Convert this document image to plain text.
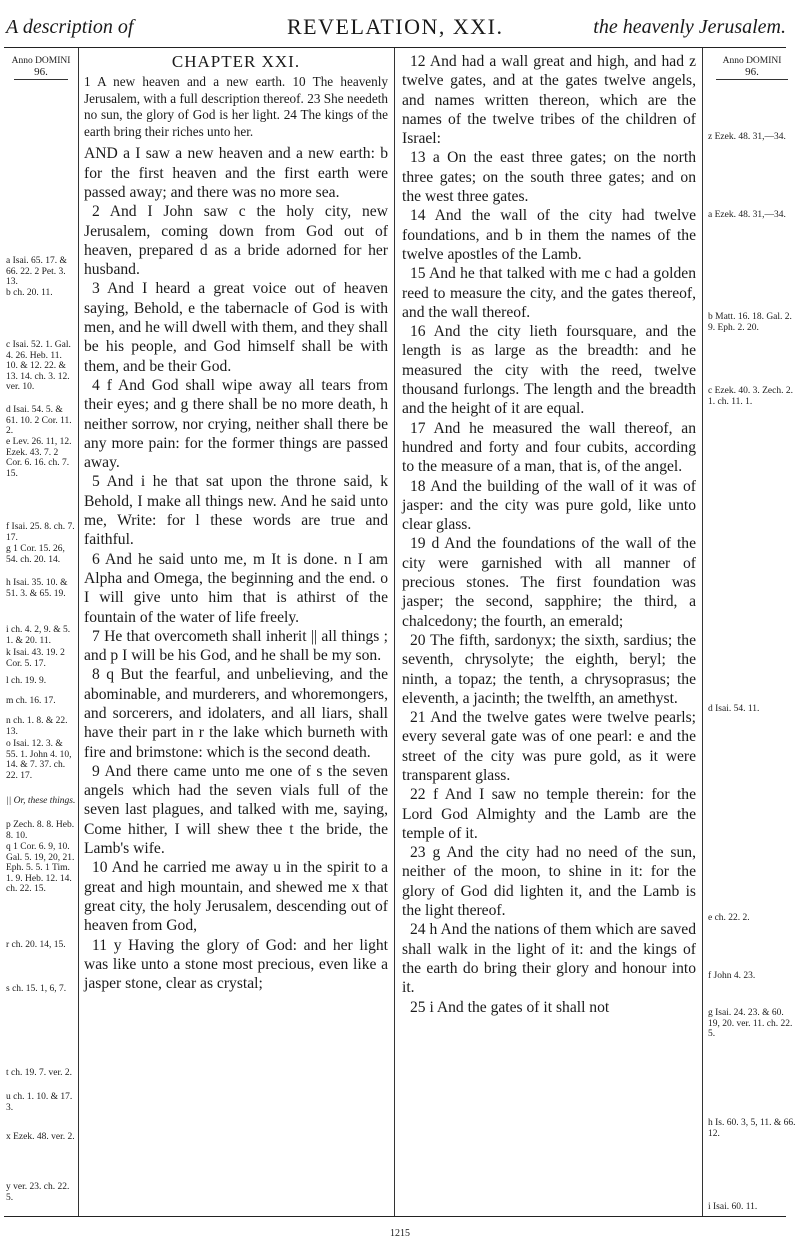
A description of	REVELATION, XXI.	the heavenly Jerusalem.
Anno DOMINI
96.
a Isai. 65. 17. & 66. 22. 2 Pet. 3. 13.
b ch. 20. 11.
c Isai. 52. 1. Gal. 4. 26. Heb. 11. 10. & 12. 22. & 13. 14. ch. 3. 12. ver. 10.
d Isai. 54. 5. & 61. 10. 2 Cor. 11. 2.
e Lev. 26. 11, 12. Ezek. 43. 7. 2 Cor. 6. 16. ch. 7. 15.
f Isai. 25. 8. ch. 7. 17.
g 1 Cor. 15. 26, 54. ch. 20. 14.
h Isai. 35. 10. & 51. 3. & 65. 19.
i ch. 4. 2, 9. & 5. 1. & 20. 11.
k Isai. 43. 19. 2 Cor. 5. 17.
l ch. 19. 9.
m ch. 16. 17.
n ch. 1. 8. & 22. 13.
o Isai. 12. 3. & 55. 1. John 4. 10, 14. & 7. 37. ch. 22. 17.
|| Or, these things.
p Zech. 8. 8. Heb. 8. 10.
q 1 Cor. 6. 9, 10. Gal. 5. 19, 20, 21. Eph. 5. 5. 1 Tim. 1. 9. Heb. 12. 14. ch. 22. 15.
r ch. 20. 14, 15.
s ch. 15. 1, 6, 7.
t ch. 19. 7. ver. 2.
u ch. 1. 10. & 17. 3.
x Ezek. 48. ver. 2.
y ver. 23. ch. 22. 5.
CHAPTER XXI.

1 A new heaven and a new earth. 10 The heavenly Jerusalem, with a full description thereof. 23 She needeth no sun, the glory of God is her light. 24 The kings of the earth bring their riches unto her.

AND a I saw a new heaven and a new earth: b for the first heaven and the first earth were passed away; and there was no more sea.

2 And I John saw c the holy city, new Jerusalem, coming down from God out of heaven, prepared d as a bride adorned for her husband.

3 And I heard a great voice out of heaven saying, Behold, e the tabernacle of God is with men, and he will dwell with them, and they shall be his people, and God himself shall be with them, and be their God.

4 f And God shall wipe away all tears from their eyes; and g there shall be no more death, h neither sorrow, nor crying, neither shall there be any more pain: for the former things are passed away.

5 And i he that sat upon the throne said, k Behold, I make all things new. And he said unto me, Write: for l these words are true and faithful.

6 And he said unto me, m It is done. n I am Alpha and Omega, the beginning and the end. o I will give unto him that is athirst of the fountain of the water of life freely.

7 He that overcometh shall inherit || all things ; and p I will be his God, and he shall be my son.

8 q But the fearful, and unbelieving, and the abominable, and murderers, and whoremongers, and sorcerers, and idolaters, and all liars, shall have their part in r the lake which burneth with fire and brimstone: which is the second death.

9 And there came unto me one of s the seven angels which had the seven vials full of the seven last plagues, and talked with me, saying, Come hither, I will shew thee t the bride, the Lamb's wife.

10 And he carried me away u in the spirit to a great and high mountain, and shewed me x that great city, the holy Jerusalem, descending out of heaven from God,

11 y Having the glory of God: and her light was like unto a stone most precious, even like a jasper stone, clear as crystal;

12 And had a wall great and high, and had z twelve gates, and at the gates twelve angels, and names written thereon, which are the names of the twelve tribes of the children of Israel:

13 a On the east three gates; on the north three gates; on the south three gates; and on the west three gates.

14 And the wall of the city had twelve foundations, and b in them the names of the twelve apostles of the Lamb.

15 And he that talked with me c had a golden reed to measure the city, and the gates thereof, and the wall thereof.

16 And the city lieth foursquare, and the length is as large as the breadth: and he measured the city with the reed, twelve thousand furlongs. The length and the breadth and the height of it are equal.

17 And he measured the wall thereof, an hundred and forty and four cubits, according to the measure of a man, that is, of the angel.

18 And the building of the wall of it was of jasper: and the city was pure gold, like unto clear glass.

19 d And the foundations of the wall of the city were garnished with all manner of precious stones. The first foundation was jasper; the second, sapphire; the third, a chalcedony; the fourth, an emerald;

20 The fifth, sardonyx; the sixth, sardius; the seventh, chrysolyte; the eighth, beryl; the ninth, a topaz; the tenth, a chrysoprasus; the eleventh, a jacinth; the twelfth, an amethyst.

21 And the twelve gates were twelve pearls; every several gate was of one pearl: e and the street of the city was pure gold, as it were transparent glass.

22 f And I saw no temple therein: for the Lord God Almighty and the Lamb are the temple of it.

23 g And the city had no need of the sun, neither of the moon, to shine in it: for the glory of God did lighten it, and the Lamb is the light thereof.

24 h And the nations of them which are saved shall walk in the light of it: and the kings of the earth do bring their glory and honour into it.

25 i And the gates of it shall not

Anno DOMINI
96.
z Ezek. 48. 31,—34.
a Ezek. 48. 31,—34.
b Matt. 16. 18. Gal. 2. 9. Eph. 2. 20.
c Ezek. 40. 3. Zech. 2. 1. ch. 11. 1.
d Isai. 54. 11.
e ch. 22. 2.
f John 4. 23.
g Isai. 24. 23. & 60. 19, 20. ver. 11. ch. 22. 5.
h Is. 60. 3, 5, 11. & 66. 12.
i Isai. 60. 11.
1215
